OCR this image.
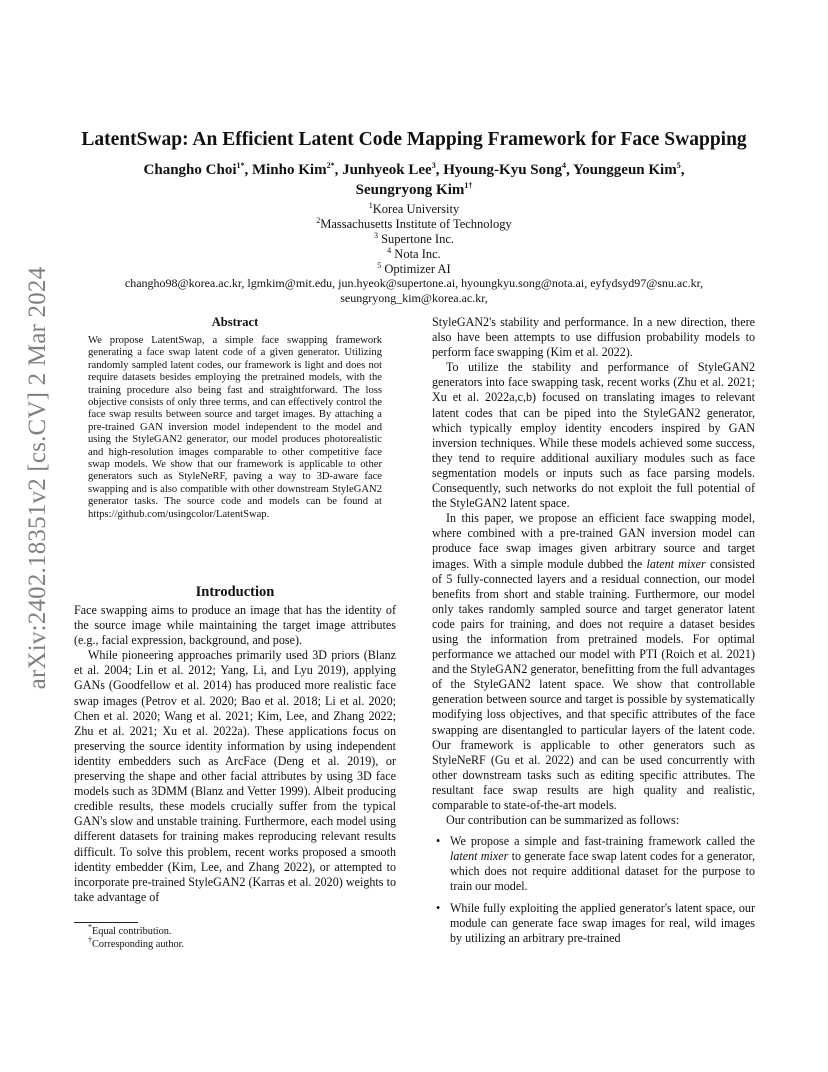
arXiv:2402.18351v2 [cs.CV] 2 Mar 2024
LatentSwap: An Efficient Latent Code Mapping Framework for Face Swapping
Changho Choi$^{1*}$, Minho Kim$^{2*}$, Junhyeok Lee$^3$, Hyoung-Kyu Song$^4$, Younggeun Kim$^5$,
Seungryong Kim$^{1\dagger}$
$^1$Korea University
$^2$Massachusetts Institute of Technology
$^3$ Supertone Inc.
$^4$ Nota Inc.
$^5$ Optimizer AI
changho98@korea.ac.kr, lgmkim@mit.edu, jun.hyeok@supertone.ai, hyoungkyu.song@nota.ai, eyfydsyd97@snu.ac.kr,
seungryong_kim@korea.ac.kr,
Abstract
We propose LatentSwap, a simple face swapping framework generating a face swap latent code of a given generator. Utilizing randomly sampled latent codes, our framework is light and does not require datasets besides employing the pretrained models, with the training procedure also being fast and straightforward. The loss objective consists of only three terms, and can effectively control the face swap results between source and target images. By attaching a pre-trained GAN inversion model independent to the model and using the StyleGAN2 generator, our model produces photorealistic and high-resolution images comparable to other competitive face swap models. We show that our framework is applicable to other generators such as StyleNeRF, paving a way to 3D-aware face swapping and is also compatible with other downstream StyleGAN2 generator tasks. The source code and models can be found at https://github.com/usingcolor/LatentSwap.
Introduction

Face swapping aims to produce an image that has the identity of the source image while maintaining the target image attributes (e.g., facial expression, background, and pose).

While pioneering approaches primarily used 3D priors (Blanz et al. 2004; Lin et al. 2012; Yang, Li, and Lyu 2019), applying GANs (Goodfellow et al. 2014) has produced more realistic face swap images (Petrov et al. 2020; Bao et al. 2018; Li et al. 2020; Chen et al. 2020; Wang et al. 2021; Kim, Lee, and Zhang 2022; Zhu et al. 2021; Xu et al. 2022a). These applications focus on preserving the source identity information by using independent identity embedders such as ArcFace (Deng et al. 2019), or preserving the shape and other facial attributes by using 3D face models such as 3DMM (Blanz and Vetter 1999). Albeit producing credible results, these models crucially suffer from the typical GAN's slow and unstable training. Furthermore, each model using different datasets for training makes reproducing relevant results difficult. To solve this problem, recent works proposed a smooth identity embedder (Kim, Lee, and Zhang 2022), or attempted to incorporate pre-trained StyleGAN2 (Karras et al. 2020) weights to take advantage of

StyleGAN2's stability and performance. In a new direction, there also have been attempts to use diffusion probability models to perform face swapping (Kim et al. 2022).

To utilize the stability and performance of StyleGAN2 generators into face swapping task, recent works (Zhu et al. 2021; Xu et al. 2022a,c,b) focused on translating images to relevant latent codes that can be piped into the StyleGAN2 generator, which typically employ identity encoders inspired by GAN inversion techniques. While these models achieved some success, they tend to require additional auxiliary modules such as face segmentation models or inputs such as face parsing models. Consequently, such networks do not exploit the full potential of the StyleGAN2 latent space.

In this paper, we propose an efficient face swapping model, where combined with a pre-trained GAN inversion model can produce face swap images given arbitrary source and target images. With a simple module dubbed the latent mixer consisted of 5 fully-connected layers and a residual connection, our model benefits from short and stable training. Furthermore, our model only takes randomly sampled source and target generator latent code pairs for training, and does not require a dataset besides using the information from pretrained models. For optimal performance we attached our model with PTI (Roich et al. 2021) and the StyleGAN2 generator, benefitting from the full advantages of the StyleGAN2 latent space. We show that controllable generation between source and target is possible by systematically modifying loss objectives, and that specific attributes of the face swapping are disentangled to particular layers of the latent code. Our framework is applicable to other generators such as StyleNeRF (Gu et al. 2022) and can be used concurrently with other downstream tasks such as editing specific attributes. The resultant face swap results are high quality and realistic, comparable to state-of-the-art models.

Our contribution can be summarized as follows:

• We propose a simple and fast-training framework called the latent mixer to generate face swap latent codes for a generator, which does not require additional dataset for the purpose to train our model.
• While fully exploiting the applied generator's latent space, our module can generate face swap images for real, wild images by utilizing an arbitrary pre-trained
*Equal contribution.
†Corresponding author.
